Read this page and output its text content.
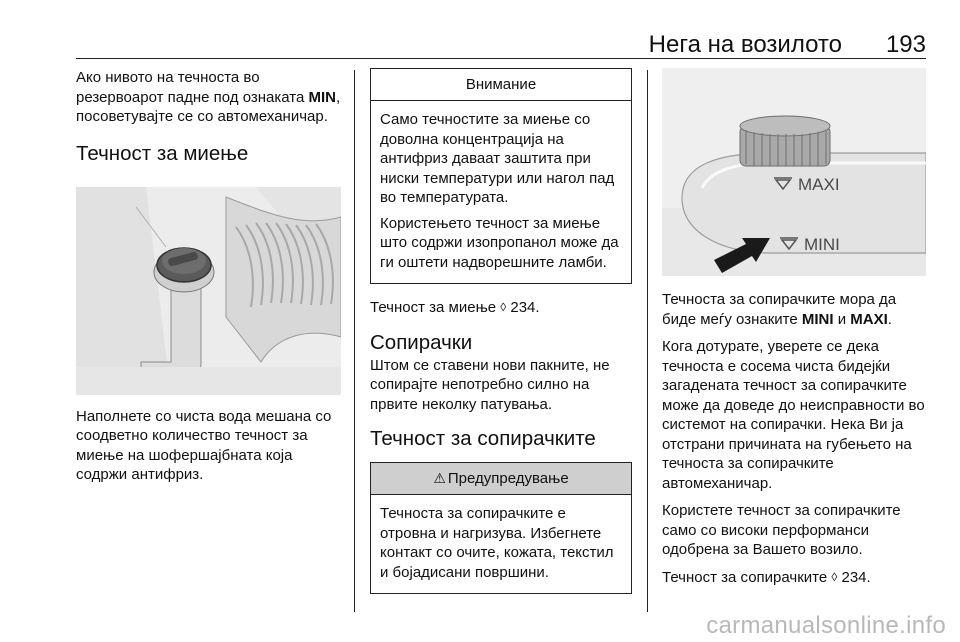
Нега на возилото 193

Ако нивото на течноста во резервоарот падне под ознаката MIN, посоветувајте се со автомеханичар.

Течност за миење

Наполнете со чиста вода мешана со соодветно количество течност за миење на шофершајбната која содржи антифриз.

Внимание

Само течностите за миење со доволна концентрација на антифриз даваат заштита при ниски температури или нагол пад во температурата.

Користењето течност за миење што содржи изопропанол може да ги оштети надворешните ламби.

Течност за миење ◊ 234.

Сопирачки

Штом се ставени нови пакните, не сопирајте непотребно силно на првите неколку патувања.

Течност за сопирачките
⚠ Предупредување

Течноста за сопирачките е отровна и нагризува. Избегнете контакт со очите, кожата, текстил и бојадисани површини.

MAXI
MINI

Течноста за сопирачките мора да биде меѓу ознаките MINI и MAXI.

Кога дотурате, уверете се дека течноста е сосема чиста бидејќи загадената течност за сопирачките може да доведе до неисправности во системот на сопирачки. Нека Ви ја отстрани причината на губењето на течноста за сопирачките автомеханичар.

Користете течност за сопирачките само со високи перформанси одобрена за Вашето возило.

Течност за сопирачките ◊ 234.

carmanualsonline.info
